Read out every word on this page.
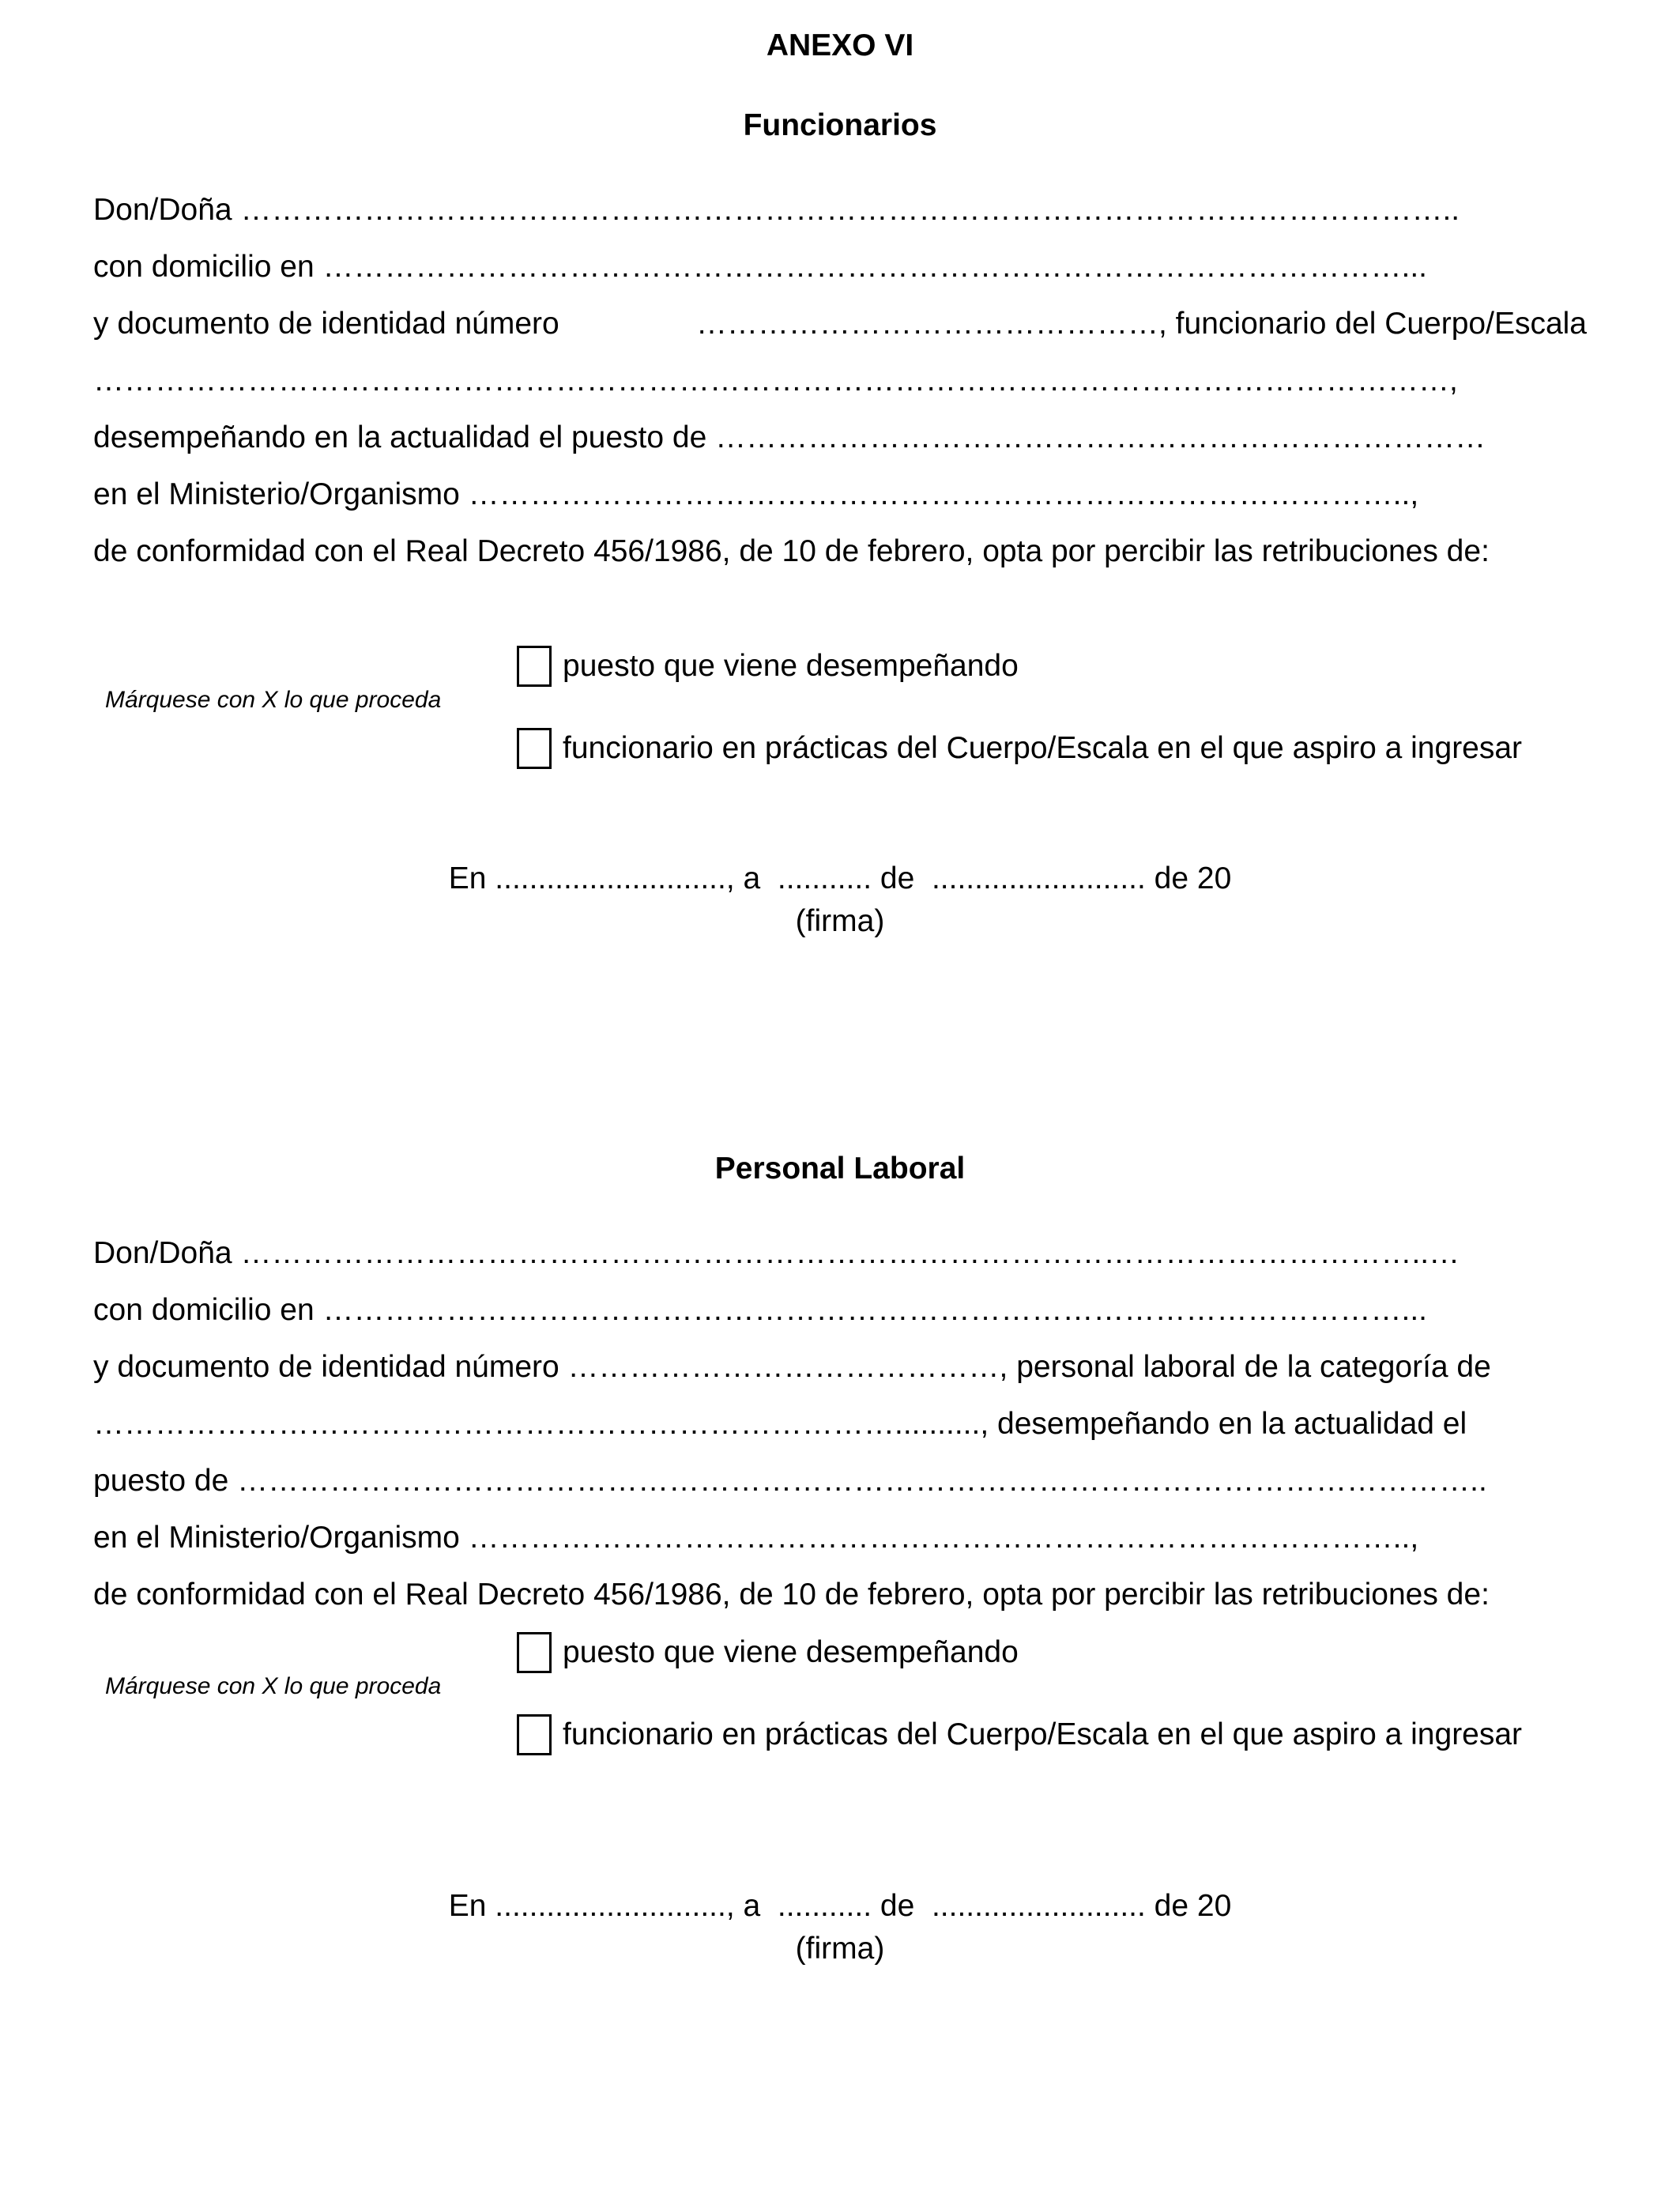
ANEXO VI
Funcionarios
Don/Doña ………………………………………………………………………………………………………..
con domicilio en ……………………………………………………………………………………………...
y documento de identidad número	………………………………………, funcionario del Cuerpo/Escala
……………………………………………………………………………………………………………………,
desempeñando en la actualidad el puesto de …………………………………………………………………
en el Ministerio/Organismo ………………………………………………………………………………..,
de conformidad con el Real Decreto 456/1986, de 10 de febrero, opta por percibir las retribuciones de:
Márquese con X lo que proceda
puesto que viene desempeñando
funcionario en prácticas del Cuerpo/Escala en el que aspiro a ingresar
En ..........................., a  ........... de  ......................... de 20
(firma)
Personal Laboral
Don/Doña ……………………………………………………………………………………………………..…
con domicilio en ……………………………………………………………………………………………...
y documento de identidad número ……………………………………, personal laboral de la categoría de
…………………………………………………………………….........., desempeñando en la actualidad el
puesto de …………………………………………………………………………………………………………..
en el Ministerio/Organismo ………………………………………………………………………………..,
de conformidad con el Real Decreto 456/1986, de 10 de febrero, opta por percibir las retribuciones de:
Márquese con X lo que proceda
puesto que viene desempeñando
funcionario en prácticas del Cuerpo/Escala en el que aspiro a ingresar
En ..........................., a  ........... de  ......................... de 20
(firma)
